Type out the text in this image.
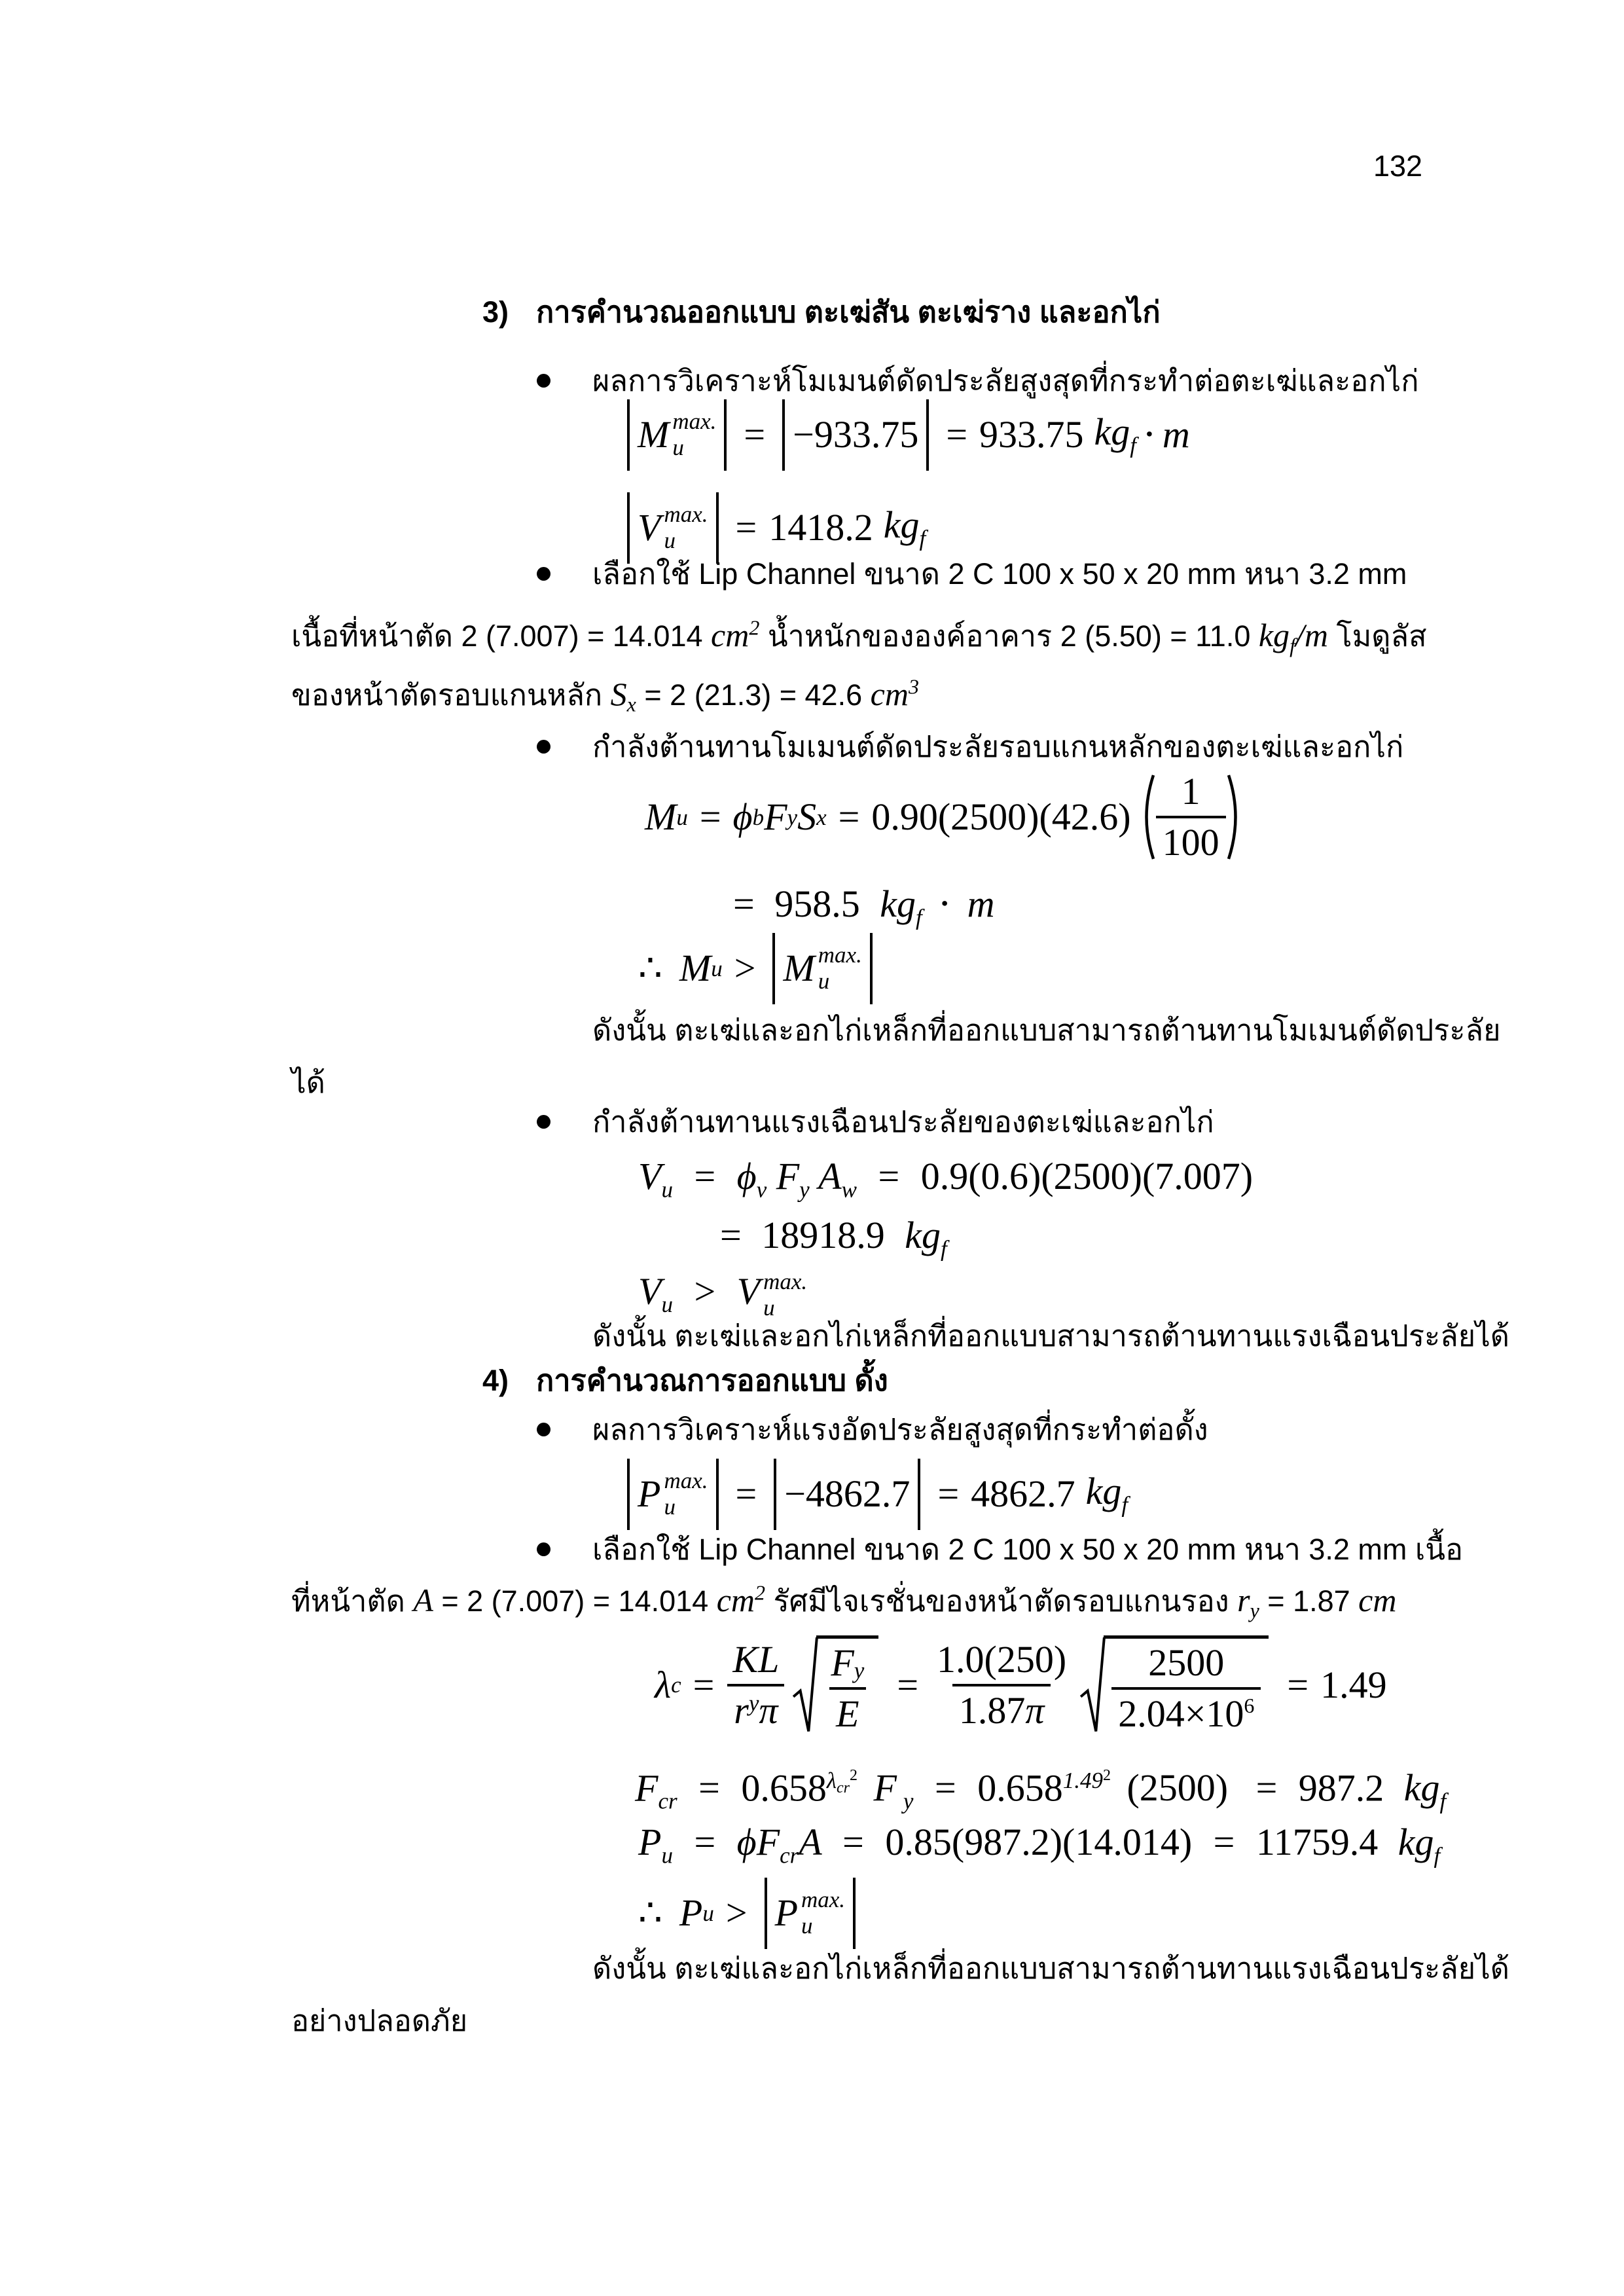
132
3) การคำนวณออกแบบ ตะเฆ่สัน ตะเฆ่ราง และอกไก่
ผลการวิเคราะห์โมเมนต์ดัดประลัยสูงสุดที่กระทำต่อตะเฆ่และอกไก่
M max.
u	= −933.75 = 933.75 $kg_f \cdot m$
V max.
u	= 1418.2 $kg_f$
เลือกใช้ Lip Channel ขนาด 2 C 100 x 50 x 20 mm หนา 3.2 mm
เนื้อที่หน้าตัด 2 (7.007) = 14.014 $cm^2$ น้ำหนักขององค์อาคาร 2 (5.50) = 11.0 $kg_f/m$ โมดูลัส
ของหน้าตัดรอบแกนหลัก $S_x = 2$ (21.3) = 42.6 $cm^3$
กำลังต้านทานโมเมนต์ดัดประลัยรอบแกนหลักของตะเฆ่และอกไก่
M u = ϕ b F y S x = 0.90 (2500) $(42.6) \frac{1}{100}$
= 958.5 $kg_f \cdot m$
∴ M u > M max.
u
ดังนั้น ตะเฆ่และอกไก่เหล็กที่ออกแบบสามารถต้านทานโมเมนต์ดัดประลัย
ได้
กำลังต้านทานแรงเฉือนประลัยของตะเฆ่และอกไก่
$V_u = \phi_v$ $F_y$ $A_w = 0.9(0.6)(2500)(7.007)$
= 18918.9 $kg_f$
$V_u > V$ max.
u
ดังนั้น ตะเฆ่และอกไก่เหล็กที่ออกแบบสามารถต้านทานแรงเฉือนประลัยได้
4) การคำนวณการออกแบบ ดั้ง
ผลการวิเคราะห์แรงอัดประลัยสูงสุดที่กระทำต่อดั้ง
P max.
u	= −4862.7 = 4862.7 $kg_f$
เลือกใช้ Lip Channel ขนาด 2 C 100 x 50 x 20 mm หนา 3.2 mm เนื้อ
ที่หน้าตัด A = 2 (7.007) = 14.014 $cm^2$ รัศมีไจเรชั่นของหน้าตัดรอบแกนรอง $r_y = 1.87$ cm
λ $c = \frac{KL}{\text{r y π}} \frac{\text{F y}}{E} = \frac{1.0(250)}{1.87 \pi} \frac{2500}{2.04\times 10 6} = 1.49$
$F_{cr} = 0.658^{\lambda_{cr}^2}$ F $_y = 0.658^{1.49^2}$ (2500) = 987.2 $kg_f$
$P_u = \phi F_{cr}A = 0.85(987.2)(14.014) = 11759.4$ $kg_f$
∴ P u > P max.
u
ดังนั้น ตะเฆ่และอกไก่เหล็กที่ออกแบบสามารถต้านทานแรงเฉือนประลัยได้
อย่างปลอดภัย
